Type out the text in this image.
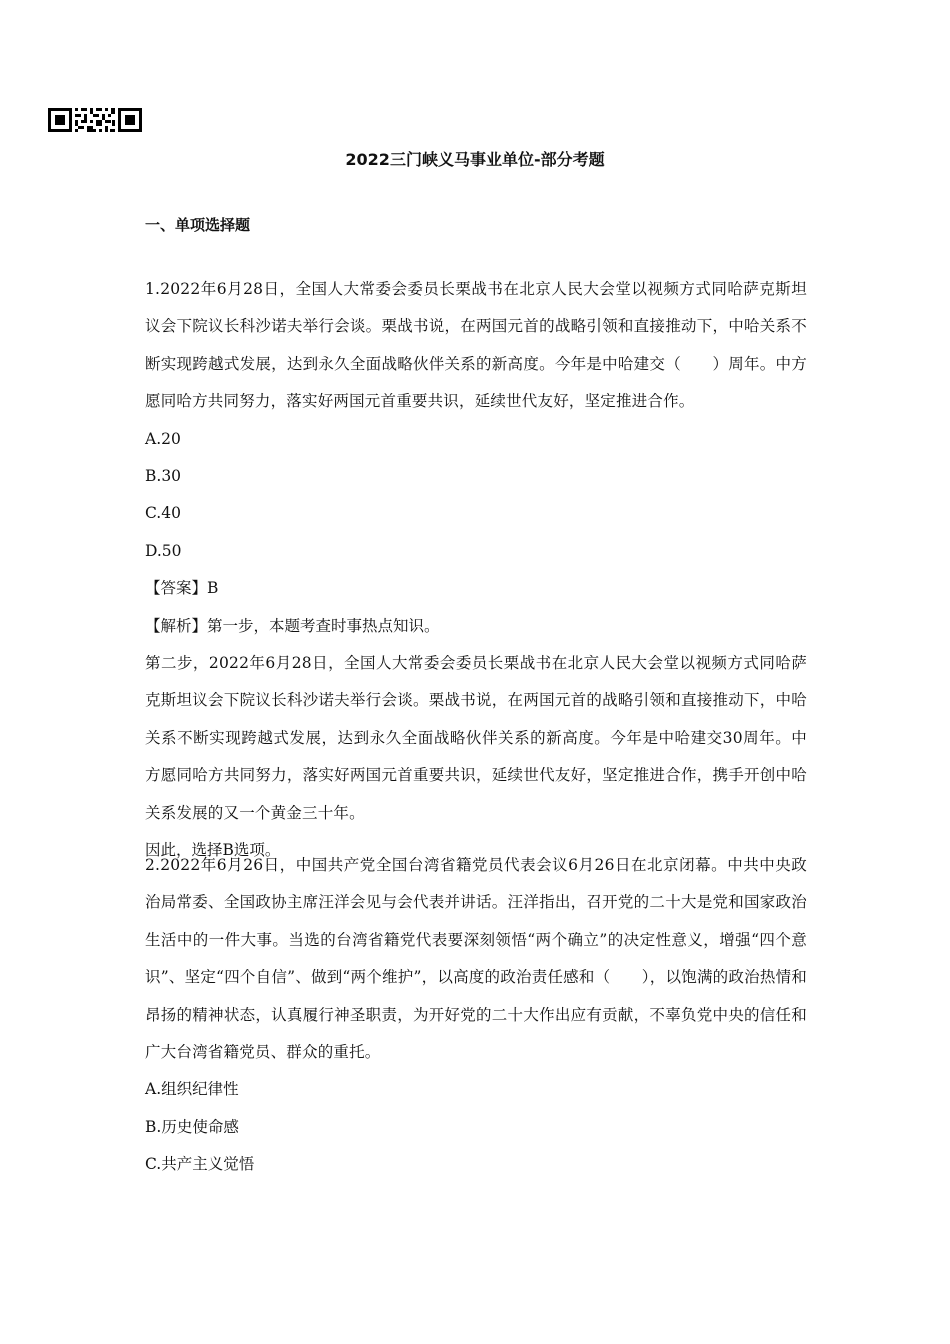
2022三门峡义马事业单位-部分考题
一、单项选择题
1.2022年6月28日，全国人大常委会委员长栗战书在北京人民大会堂以视频方式同哈萨克斯坦议会下院议长科沙诺夫举行会谈。栗战书说，在两国元首的战略引领和直接推动下，中哈关系不断实现跨越式发展，达到永久全面战略伙伴关系的新高度。今年是中哈建交（　　）周年。中方愿同哈方共同努力，落实好两国元首重要共识，延续世代友好，坚定推进合作。
A.20
B.30
C.40
D.50
【答案】B
【解析】第一步，本题考查时事热点知识。
第二步，2022年6月28日，全国人大常委会委员长栗战书在北京人民大会堂以视频方式同哈萨克斯坦议会下院议长科沙诺夫举行会谈。栗战书说，在两国元首的战略引领和直接推动下，中哈关系不断实现跨越式发展，达到永久全面战略伙伴关系的新高度。今年是中哈建交30周年。中方愿同哈方共同努力，落实好两国元首重要共识，延续世代友好，坚定推进合作，携手开创中哈关系发展的又一个黄金三十年。
因此，选择B选项。
2.2022年6月26日，中国共产党全国台湾省籍党员代表会议6月26日在北京闭幕。中共中央政治局常委、全国政协主席汪洋会见与会代表并讲话。汪洋指出，召开党的二十大是党和国家政治生活中的一件大事。当选的台湾省籍党代表要深刻领悟“两个确立”的决定性意义，增强“四个意识”、坚定“四个自信”、做到“两个维护”，以高度的政治责任感和（　　），以饱满的政治热情和昂扬的精神状态，认真履行神圣职责，为开好党的二十大作出应有贡献，不辜负党中央的信任和广大台湾省籍党员、群众的重托。
A.组织纪律性
B.历史使命感
C.共产主义觉悟
